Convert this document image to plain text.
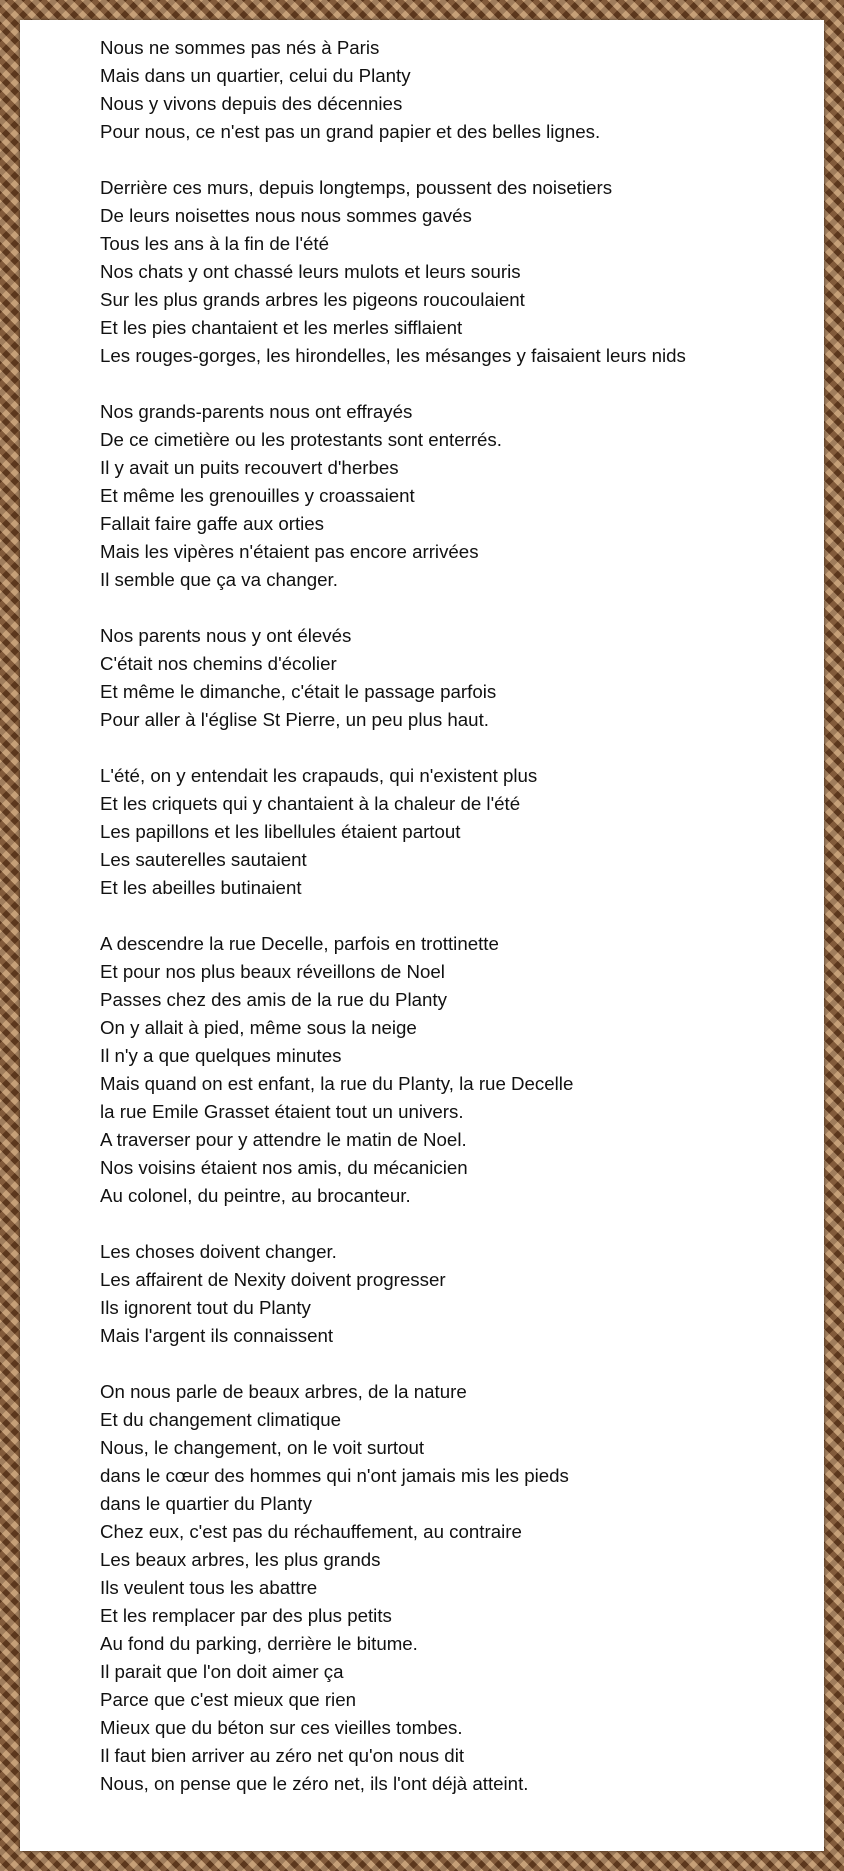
Nous ne sommes pas nés à Paris
Mais dans un quartier, celui du Planty
Nous y vivons depuis des décennies
Pour nous, ce n'est pas un grand papier et des belles lignes.
Derrière ces murs, depuis longtemps, poussent des noisetiers
De leurs noisettes nous nous sommes gavés
Tous les ans à la fin de l'été
Nos chats y ont chassé leurs mulots et leurs souris
Sur les plus grands arbres les pigeons roucoulaient
Et les pies chantaient et les merles sifflaient
Les rouges-gorges, les hirondelles, les mésanges y faisaient leurs nids
Nos grands-parents nous ont effrayés
De ce cimetière ou les protestants sont enterrés.
Il y avait un puits recouvert d'herbes
Et même les grenouilles y croassaient
Fallait faire gaffe aux orties
Mais les vipères n'étaient pas encore arrivées
Il semble que ça va changer.
Nos parents nous y ont élevés
C'était nos chemins d'écolier
Et même le dimanche, c'était le passage parfois
Pour aller à l'église St Pierre, un peu plus haut.
L'été, on y entendait les crapauds, qui n'existent plus
Et les criquets qui y chantaient à la chaleur de l'été
Les papillons et les libellules étaient partout
Les sauterelles sautaient
Et les abeilles butinaient
A descendre la rue Decelle, parfois en trottinette
Et pour nos plus beaux réveillons de Noel
Passes chez des amis de la rue du Planty
On y allait à pied, même sous la neige
Il n'y a que quelques minutes
Mais quand on est enfant, la rue du Planty, la rue Decelle
la rue Emile Grasset étaient tout un univers.
A traverser pour y attendre le matin de Noel.
Nos voisins étaient nos amis, du mécanicien
Au colonel, du peintre, au brocanteur.
Les choses doivent changer.
Les affairent de Nexity doivent progresser
Ils ignorent tout du Planty
Mais l'argent ils connaissent
On nous parle de beaux arbres, de la nature
Et du changement climatique
Nous, le changement, on le voit surtout
dans le cœur des hommes qui n'ont jamais mis les pieds
dans le quartier du Planty
Chez eux, c'est pas du réchauffement, au contraire
Les beaux arbres, les plus grands
Ils veulent tous les abattre
Et les remplacer par des plus petits
Au fond du parking, derrière le bitume.
Il parait que l'on doit aimer ça
Parce que c'est mieux que rien
Mieux que du béton sur ces vieilles tombes.
Il faut bien arriver au zéro net qu'on nous dit
Nous, on pense que le zéro net, ils l'ont déjà atteint.
